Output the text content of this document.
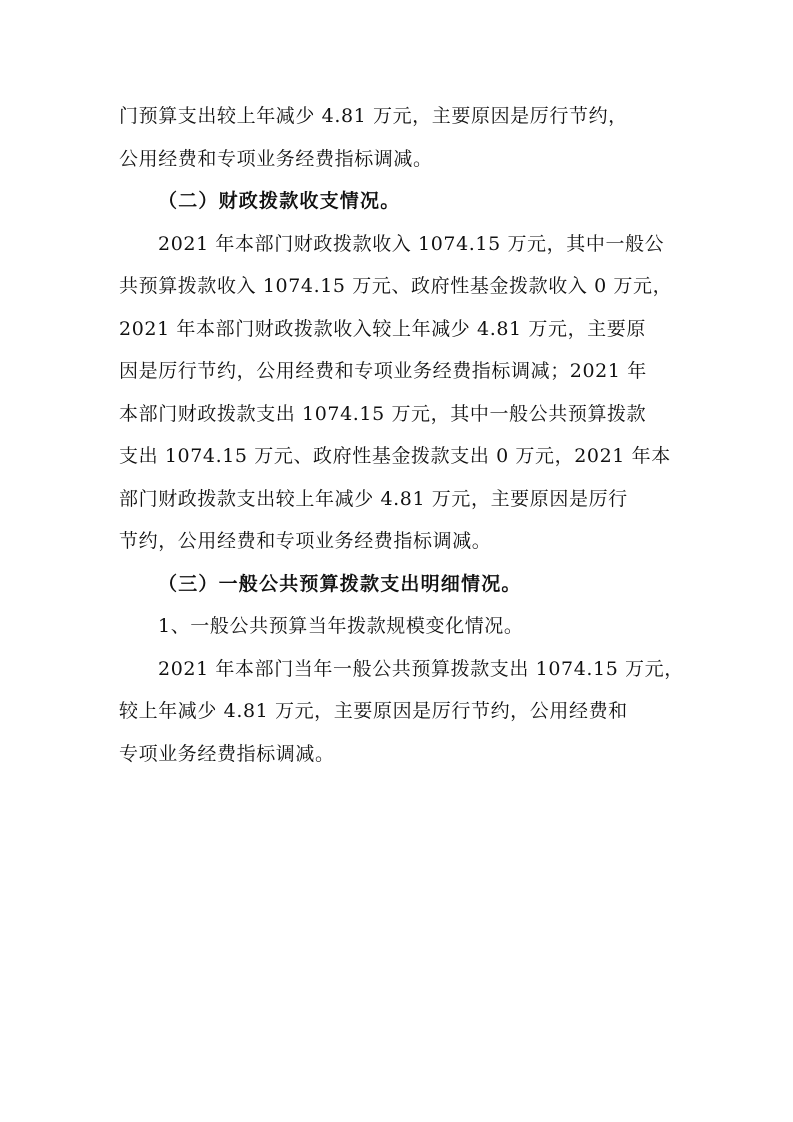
门预算支出较上年减少 4.81 万元，主要原因是厉行节约，
公用经费和专项业务经费指标调减。
（二）财政拨款收支情况。
2021 年本部门财政拨款收入 1074.15 万元，其中一般公
共预算拨款收入 1074.15 万元、政府性基金拨款收入 0 万元，
2021 年本部门财政拨款收入较上年减少 4.81 万元，主要原
因是厉行节约，公用经费和专项业务经费指标调减；2021 年
本部门财政拨款支出 1074.15 万元，其中一般公共预算拨款
支出 1074.15 万元、政府性基金拨款支出 0 万元，2021 年本
部门财政拨款支出较上年减少 4.81 万元，主要原因是厉行
节约，公用经费和专项业务经费指标调减。
（三）一般公共预算拨款支出明细情况。
1、一般公共预算当年拨款规模变化情况。
2021 年本部门当年一般公共预算拨款支出 1074.15 万元，
较上年减少 4.81 万元，主要原因是厉行节约，公用经费和
专项业务经费指标调减。
